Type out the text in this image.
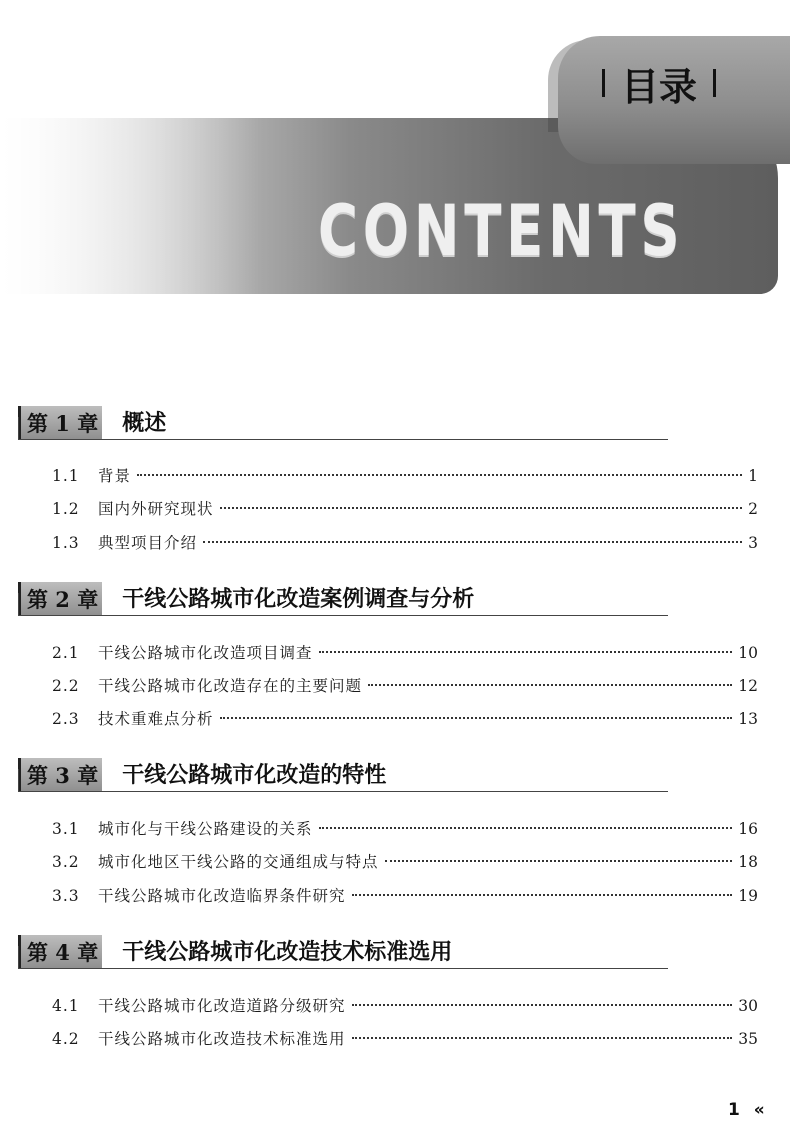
目录
CONTENTS
第 1 章 概述
1.1	背景	1
1.2	国内外研究现状	2
1.3	典型项目介绍	3
第 2 章 干线公路城市化改造案例调查与分析
2.1	干线公路城市化改造项目调查	10
2.2	干线公路城市化改造存在的主要问题	12
2.3	技术重难点分析	13
第 3 章 干线公路城市化改造的特性
3.1	城市化与干线公路建设的关系	16
3.2	城市化地区干线公路的交通组成与特点	18
3.3	干线公路城市化改造临界条件研究	19
第 4 章 干线公路城市化改造技术标准选用
4.1	干线公路城市化改造道路分级研究	30
4.2	干线公路城市化改造技术标准选用	35
1 «
